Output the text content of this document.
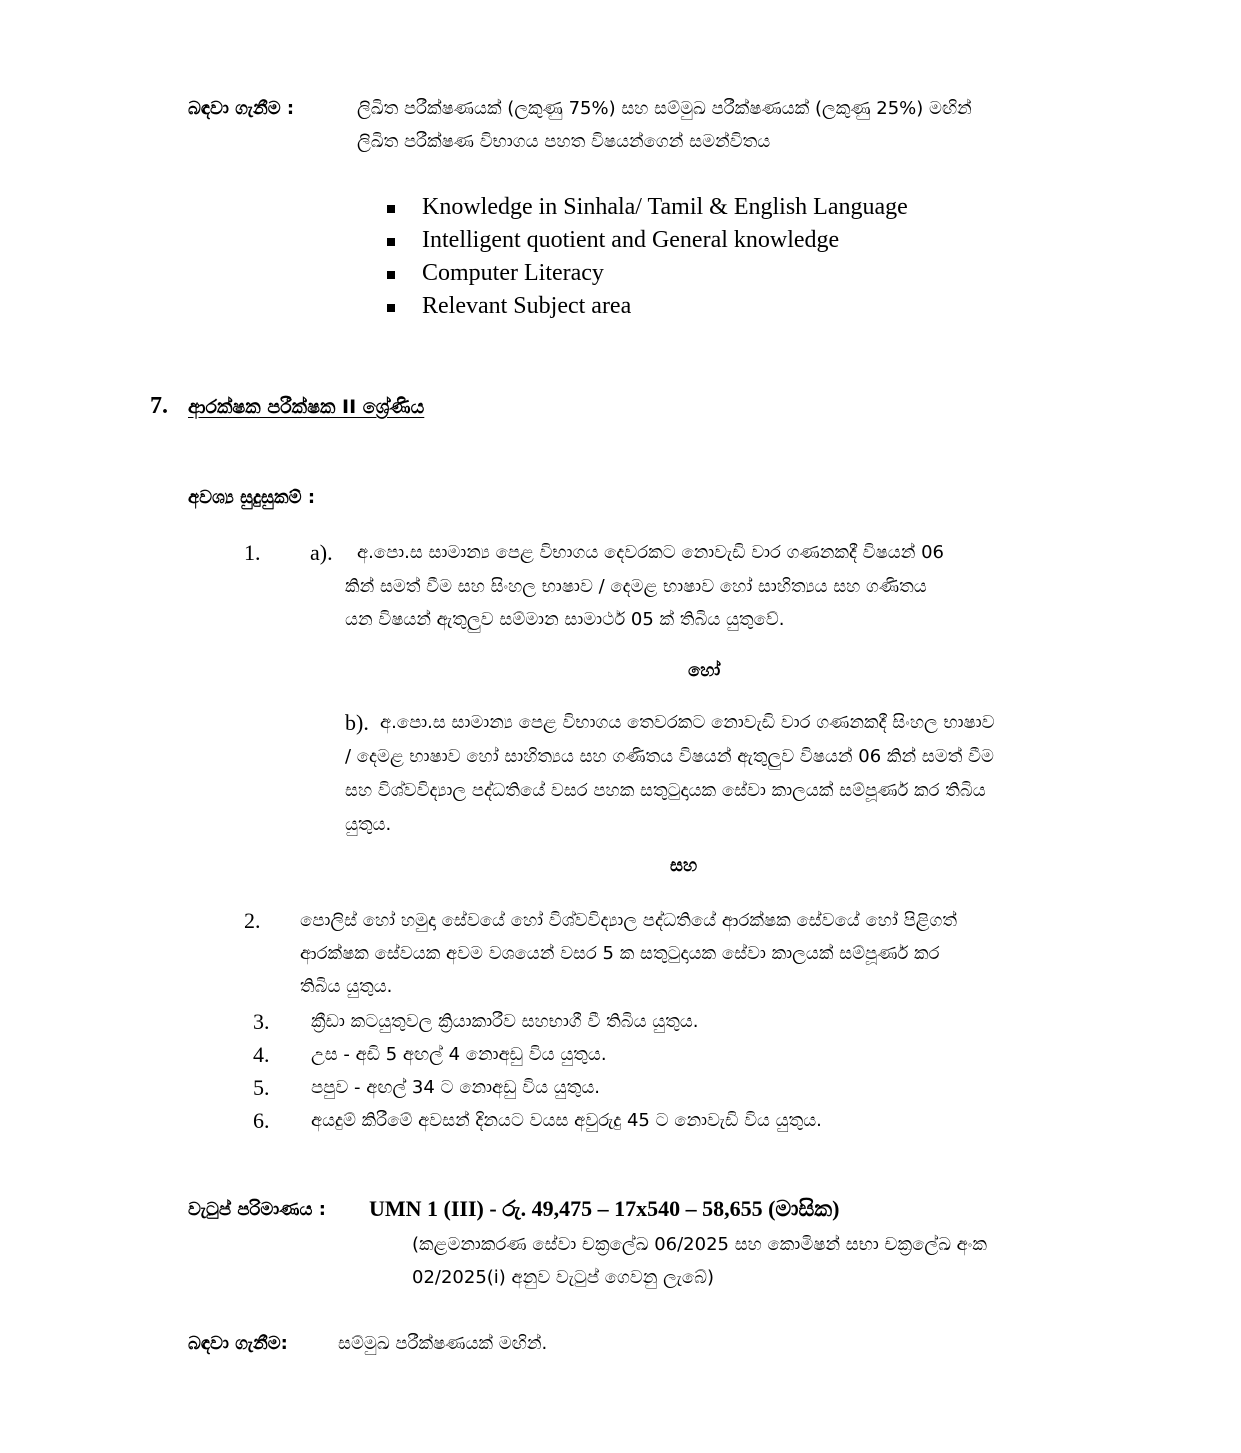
බඳවා ගැනීම :	ලිඛිත පරීක්ෂණයක් (ලකුණු 75%) සහ සම්මුඛ පරීක්ෂණයක් (ලකුණු 25%) මඟින්
ලිඛිත පරීක්ෂණ විභාගය පහත විෂයන්ගෙන් සමන්විතය
Knowledge in Sinhala/ Tamil & English Language
Intelligent quotient and General knowledge
Computer Literacy
Relevant Subject area
7. ආරක්ෂක පරීක්ෂක II ශ්‍රේණිය
අවශ්‍ය සුදුසුකම් :
1. a). අ.පො.ස සාමාන්‍ය පෙළ විභාගය දෙවරකට නොවැඩි වාර ගණනකදී විෂයන් 06
කින් සමත් වීම සහ සිංහල භාෂාව / දෙමළ භාෂාව හෝ සාහිත්‍යය සහ ගණිතය
යන විෂයන් ඇතුලුව සම්මාන සාමාර්ථ 05 ක් තිබිය යුතුවේ.
හෝ
b). අ.පො.ස සාමාන්‍ය පෙළ විභාගය තෙවරකට නොවැඩි වාර ගණනකදී සිංහල භාෂාව
/ දෙමළ භාෂාව හෝ සාහිත්‍යය සහ ගණිතය විෂයන් ඇතුලුව විෂයන් 06 කින් සමත් වීම
සහ විශ්වවිද්‍යාල පද්ධතියේ වසර පහක සතුටුදායක සේවා කාලයක් සම්පූර්ණ කර තිබිය
යුතුය.
සහ
2. පොලිස් හෝ හමුදා සේවයේ හෝ විශ්වවිද්‍යාල පද්ධතියේ ආරක්ෂක සේවයේ හෝ පිළිගත්
ආරක්ෂක සේවයක අවම වශයෙන් වසර 5 ක සතුටුදායක සේවා කාලයක් සම්පූර්ණ කර
තිබිය යුතුය.
3. ක්‍රීඩා කටයුතුවල ක්‍රියාකාරීව සහභාගී වී තිබිය යුතුය.
4. උස - අඩි 5 අඟල් 4 නොඅඩු විය යුතුය.
5. පපුව - අඟල් 34 ට නොඅඩු විය යුතුය.
6. අයදුම් කිරීමේ අවසන් දිනයට වයස අවුරුදු 45 ට නොවැඩි විය යුතුය.
වැටුප් පරිමාණය : UMN 1 (III) - රු. 49,475 – 17x540 – 58,655 (මාසික)
(කළමනාකරණ සේවා චක්‍රලේඛ 06/2025 සහ කොමිෂන් සභා චක්‍රලේඛ අංක
02/2025(i) අනුව වැටුප් ගෙවනු ලැබේ)
බඳවා ගැනීම:	සම්මුඛ පරීක්ෂණයක් මඟින්.
